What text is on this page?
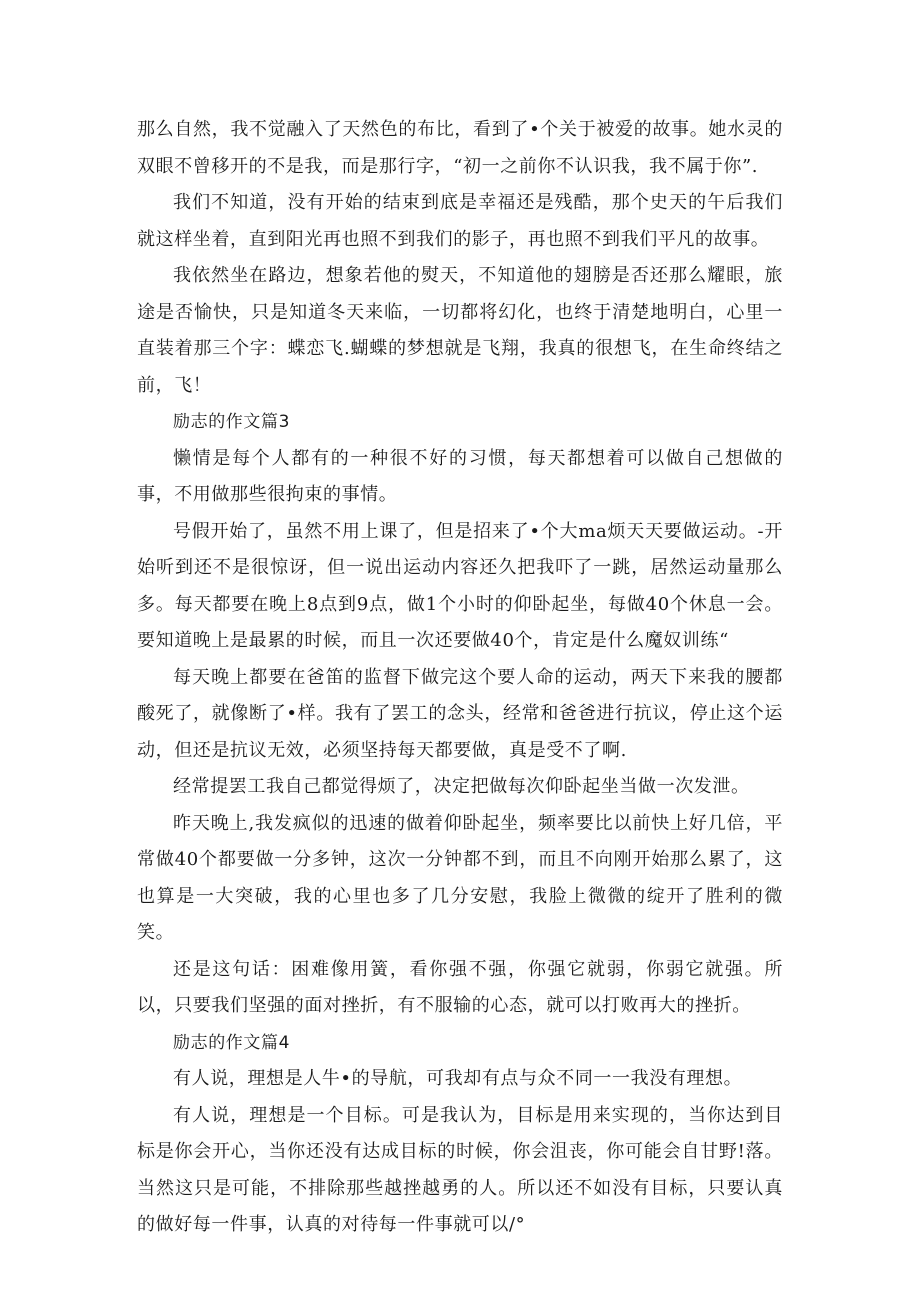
那么自然，我不觉融入了天然色的布比，看到了•个关于被爱的故事。她水灵的双眼不曾移开的不是我，而是那行字，“初一之前你不认识我，我不属于你”.

我们不知道，没有开始的结束到底是幸福还是残酷，那个史天的午后我们就这样坐着，直到阳光再也照不到我们的影子，再也照不到我们平凡的故事。

我依然坐在路边，想象若他的熨天，不知道他的翅膀是否还那么耀眼，旅途是否愉快，只是知道冬天来临，一切都将幻化，也终于清楚地明白，心里一直装着那三个字：蝶恋飞.蝴蝶的梦想就是飞翔，我真的很想飞，在生命终结之前，飞！

励志的作文篇3

懒情是每个人都有的一种很不好的习惯，每天都想着可以做自己想做的事，不用做那些很拘束的事情。

号假开始了，虽然不用上课了，但是招来了•个大ma烦天天要做运动。-开始听到还不是很惊讶，但一说出运动内容还久把我吓了一跳，居然运动量那么多。每天都要在晚上8点到9点，做1个小时的仰卧起坐，每做40个休息一会。要知道晚上是最累的时候，而且一次还要做40个，肯定是什么魔奴训练“

每天晚上都要在爸笛的监督下做完这个要人命的运动，两天下来我的腰都酸死了，就像断了•样。我有了罢工的念头，经常和爸爸进行抗议，停止这个运动，但还是抗议无效，必须坚持每天都要做，真是受不了啊.

经常提罢工我自己都觉得烦了，决定把做每次仰卧起坐当做一次发泄。

昨天晚上,我发疯似的迅速的做着仰卧起坐，频率要比以前快上好几倍，平常做40个都要做一分多钟，这次一分钟都不到，而且不向刚开始那么累了，这也算是一大突破，我的心里也多了几分安慰，我脸上微微的绽开了胜利的微笑。

还是这句话：困难像用簧，看你强不强，你强它就弱，你弱它就强。所以，只要我们坚强的面对挫折，有不服输的心态，就可以打败再大的挫折。

励志的作文篇4

有人说，理想是人牛•的导航，可我却有点与众不同一一我没有理想。

有人说，理想是一个目标。可是我认为，目标是用来实现的，当你达到目标是你会开心，当你还没有达成目标的时候，你会沮丧，你可能会自甘野!落。当然这只是可能，不排除那些越挫越勇的人。所以还不如没有目标，只要认真的做好每一件事，认真的对待每一件事就可以/°
